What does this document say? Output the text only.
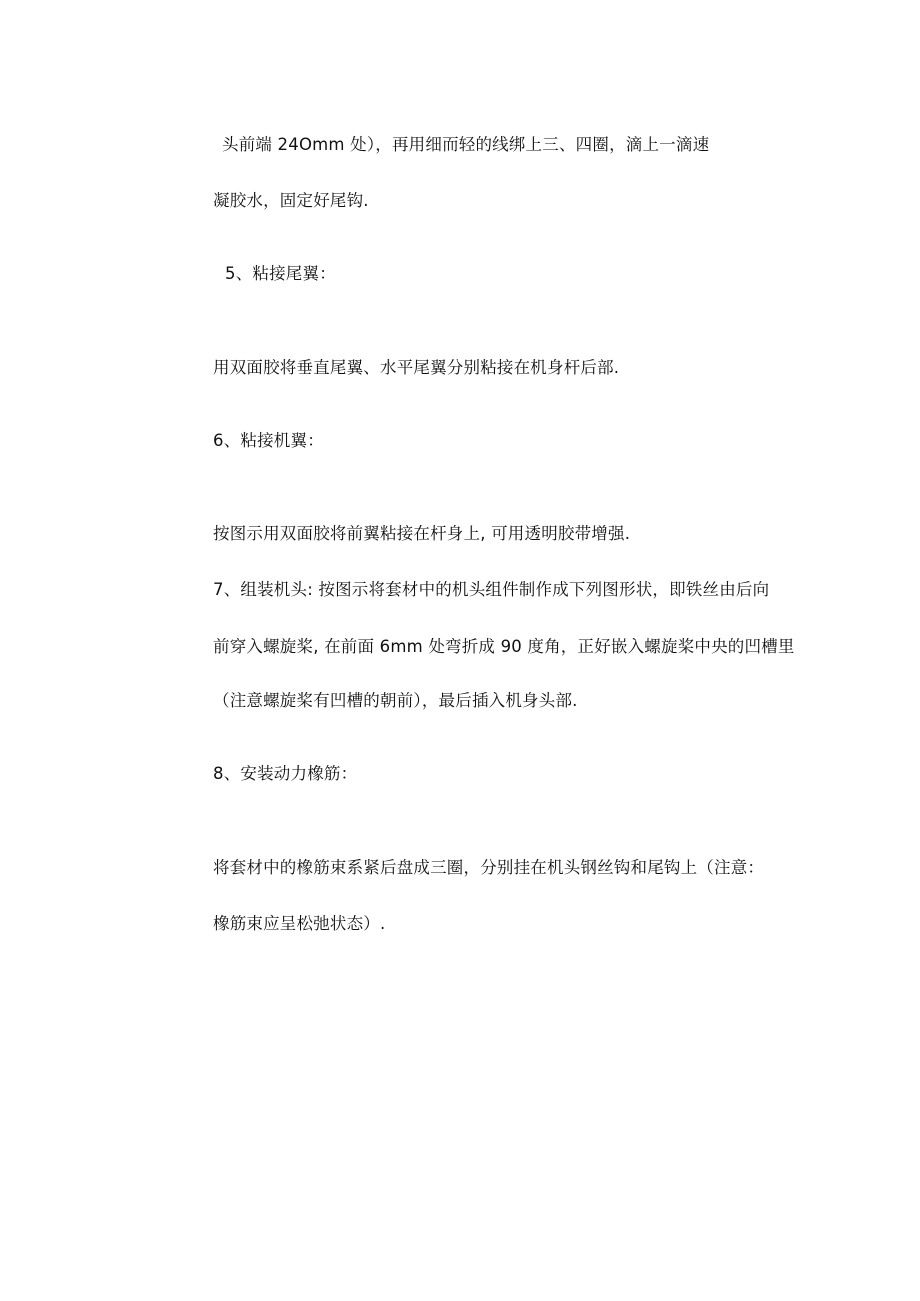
头前端 24Omm 处），再用细而轻的线绑上三、四圈，滴上一滴速
凝胶水，固定好尾钩.
5、粘接尾翼：
用双面胶将垂直尾翼、水平尾翼分别粘接在机身杆后部.
6、粘接机翼：
按图示用双面胶将前翼粘接在杆身上, 可用透明胶带增强.
7、组装机头: 按图示将套材中的机头组件制作成下列图形状，即铁丝由后向
前穿入螺旋桨, 在前面 6mm 处弯折成 90 度角，正好嵌入螺旋桨中央的凹槽里
（注意螺旋桨有凹槽的朝前），最后插入机身头部.
8、安装动力橡筋：
将套材中的橡筋束系紧后盘成三圈，分别挂在机头钢丝钩和尾钩上（注意：
橡筋束应呈松弛状态）.
